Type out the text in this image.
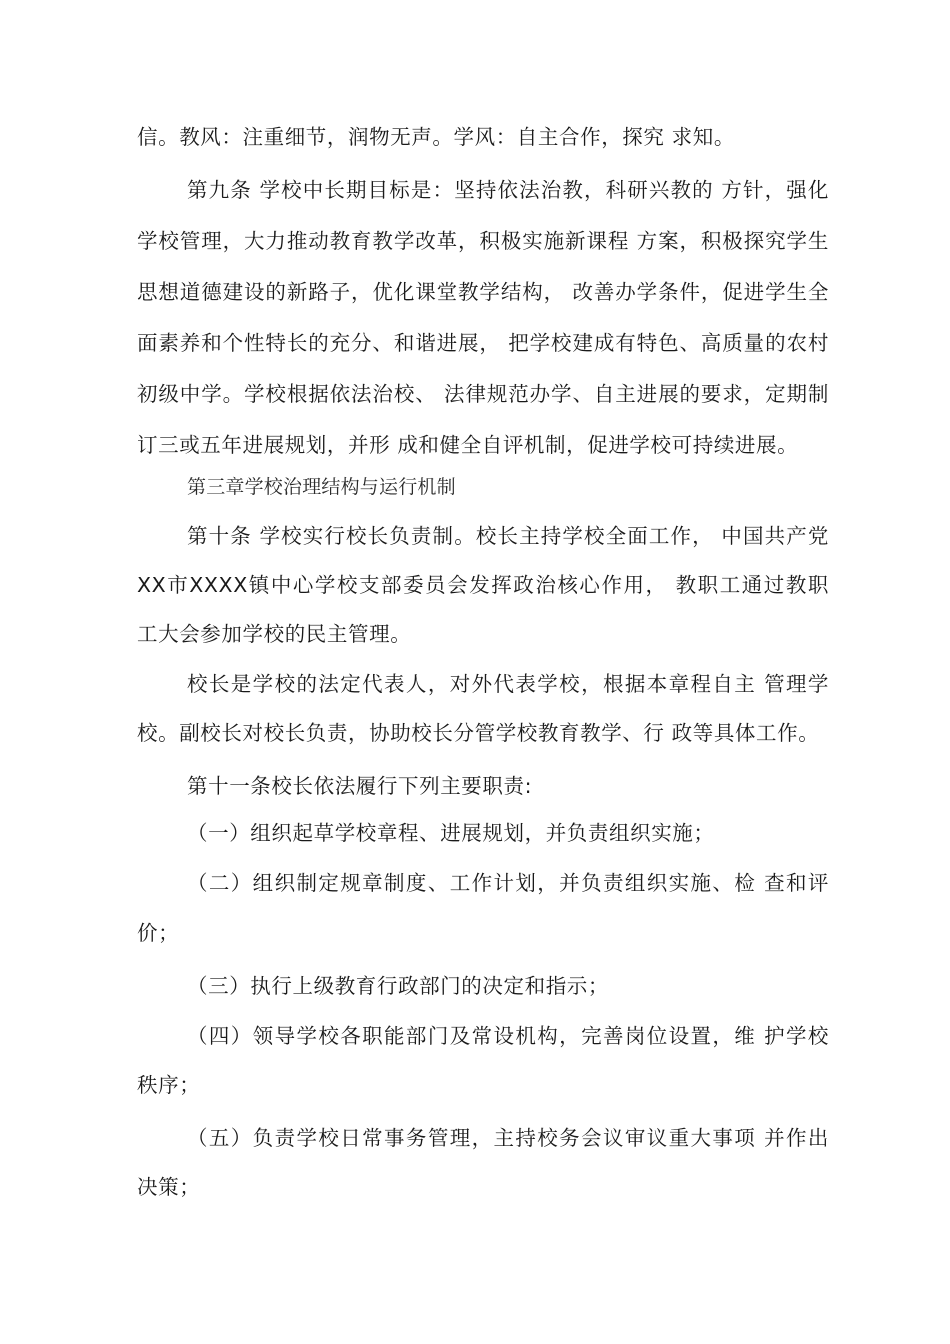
信。教风：注重细节，润物无声。学风：自主合作，探究 求知。
第九条 学校中长期目标是：坚持依法治教，科研兴教的 方针，强化
学校管理，大力推动教育教学改革，积极实施新课程 方案，积极探究学生
思想道德建设的新路子，优化课堂教学结构， 改善办学条件，促进学生全
面素养和个性特长的充分、和谐进展， 把学校建成有特色、高质量的农村
初级中学。学校根据依法治校、 法律规范办学、自主进展的要求，定期制
订三或五年进展规划，并形 成和健全自评机制，促进学校可持续进展。
第三章学校治理结构与运行机制
第十条 学校实行校长负责制。校长主持学校全面工作， 中国共产党
XX市XXXX镇中心学校支部委员会发挥政治核心作用， 教职工通过教职
工大会参加学校的民主管理。
校长是学校的法定代表人，对外代表学校，根据本章程自主 管理学
校。副校长对校长负责，协助校长分管学校教育教学、行 政等具体工作。
第十一条校长依法履行下列主要职责:
（一）组织起草学校章程、进展规划，并负责组织实施；
（二）组织制定规章制度、工作计划，并负责组织实施、检 查和评
价；
（三）执行上级教育行政部门的决定和指示；
（四）领导学校各职能部门及常设机构，完善岗位设置，维 护学校
秩序；
（五）负责学校日常事务管理，主持校务会议审议重大事项 并作出
决策；
